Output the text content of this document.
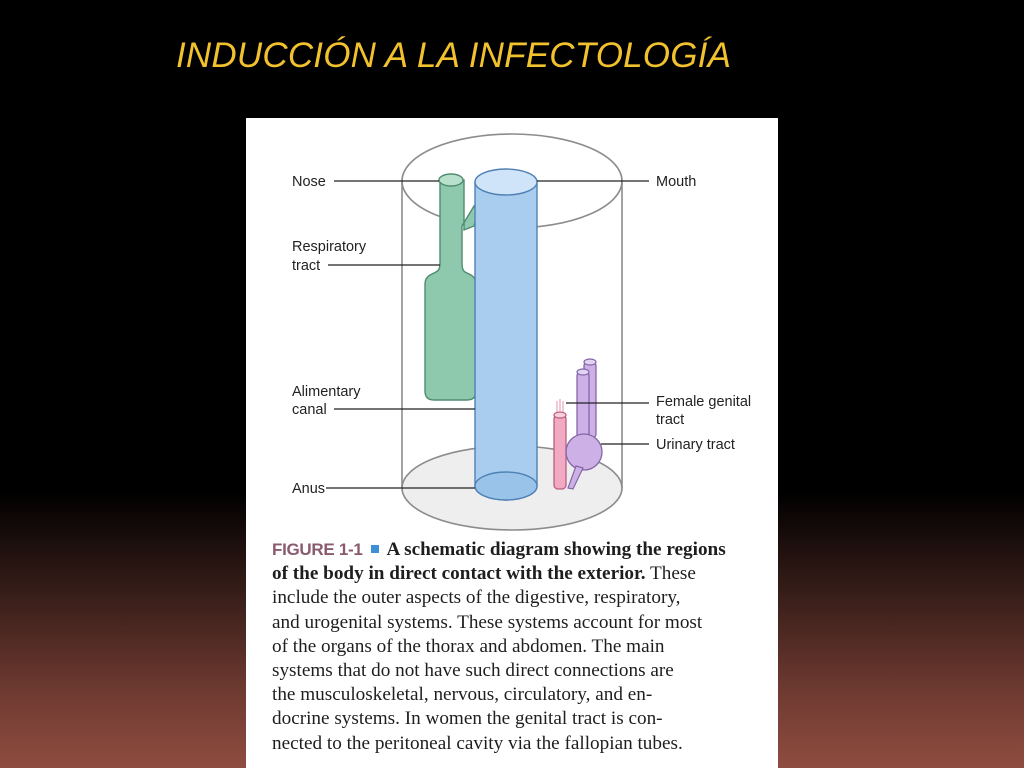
INDUCCIÓN A LA INFECTOLOGÍA
Nose	Mouth
Respiratory
tract
Alimentary
canal	Female genital
tract
Urinary tract
Anus

FIGURE 1-1 A schematic diagram showing the regions
of the body in direct contact with the exterior. These
include the outer aspects of the digestive, respiratory,
and urogenital systems. These systems account for most
of the organs of the thorax and abdomen. The main
systems that do not have such direct connections are
the musculoskeletal, nervous, circulatory, and en-
docrine systems. In women the genital tract is con-
nected to the peritoneal cavity via the fallopian tubes.
